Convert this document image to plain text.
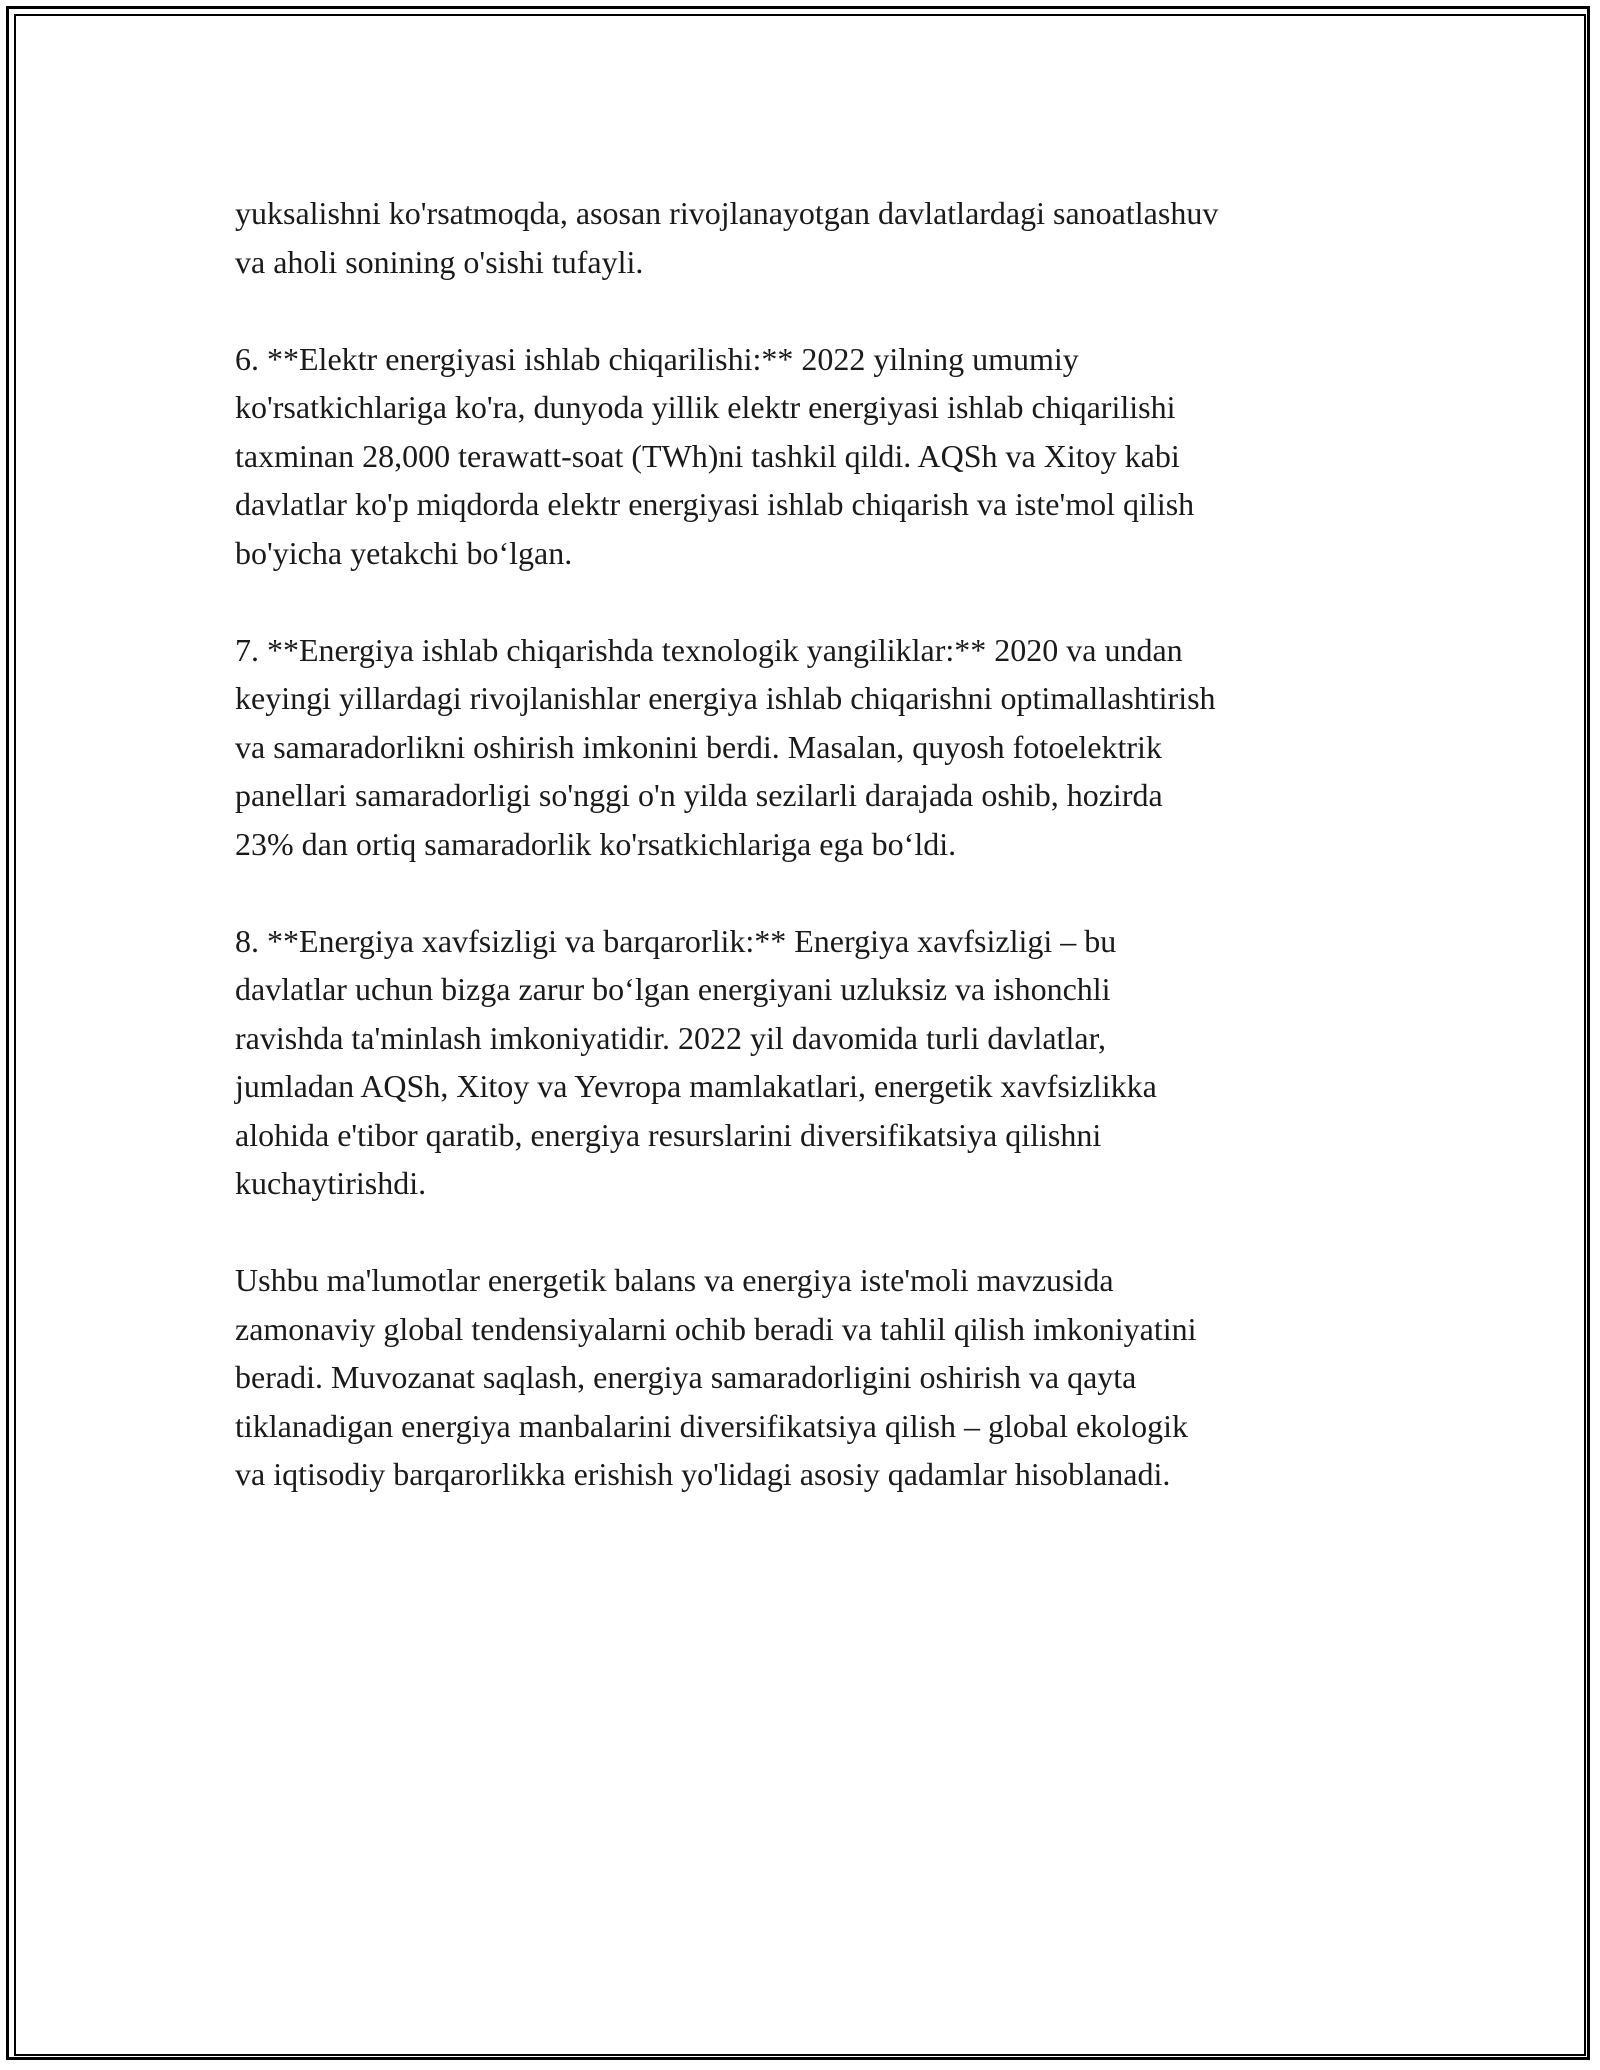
yuksalishni ko'rsatmoqda, asosan rivojlanayotgan davlatlardagi sanoatlashuv
va aholi sonining o'sishi tufayli.

6. **Elektr energiyasi ishlab chiqarilishi:** 2022 yilning umumiy
ko'rsatkichlariga ko'ra, dunyoda yillik elektr energiyasi ishlab chiqarilishi
taxminan 28,000 terawatt-soat (TWh)ni tashkil qildi. AQSh va Xitoy kabi
davlatlar ko'p miqdorda elektr energiyasi ishlab chiqarish va iste'mol qilish
bo'yicha yetakchi bo‘lgan.

7. **Energiya ishlab chiqarishda texnologik yangiliklar:** 2020 va undan
keyingi yillardagi rivojlanishlar energiya ishlab chiqarishni optimallashtirish
va samaradorlikni oshirish imkonini berdi. Masalan, quyosh fotoelektrik
panellari samaradorligi so'nggi o'n yilda sezilarli darajada oshib, hozirda
23% dan ortiq samaradorlik ko'rsatkichlariga ega bo‘ldi.

8. **Energiya xavfsizligi va barqarorlik:** Energiya xavfsizligi – bu
davlatlar uchun bizga zarur bo‘lgan energiyani uzluksiz va ishonchli
ravishda ta'minlash imkoniyatidir. 2022 yil davomida turli davlatlar,
jumladan AQSh, Xitoy va Yevropa mamlakatlari, energetik xavfsizlikka
alohida e'tibor qaratib, energiya resurslarini diversifikatsiya qilishni
kuchaytirishdi.

Ushbu ma'lumotlar energetik balans va energiya iste'moli mavzusida
zamonaviy global tendensiyalarni ochib beradi va tahlil qilish imkoniyatini
beradi. Muvozanat saqlash, energiya samaradorligini oshirish va qayta
tiklanadigan energiya manbalarini diversifikatsiya qilish – global ekologik
va iqtisodiy barqarorlikka erishish yo'lidagi asosiy qadamlar hisoblanadi.
